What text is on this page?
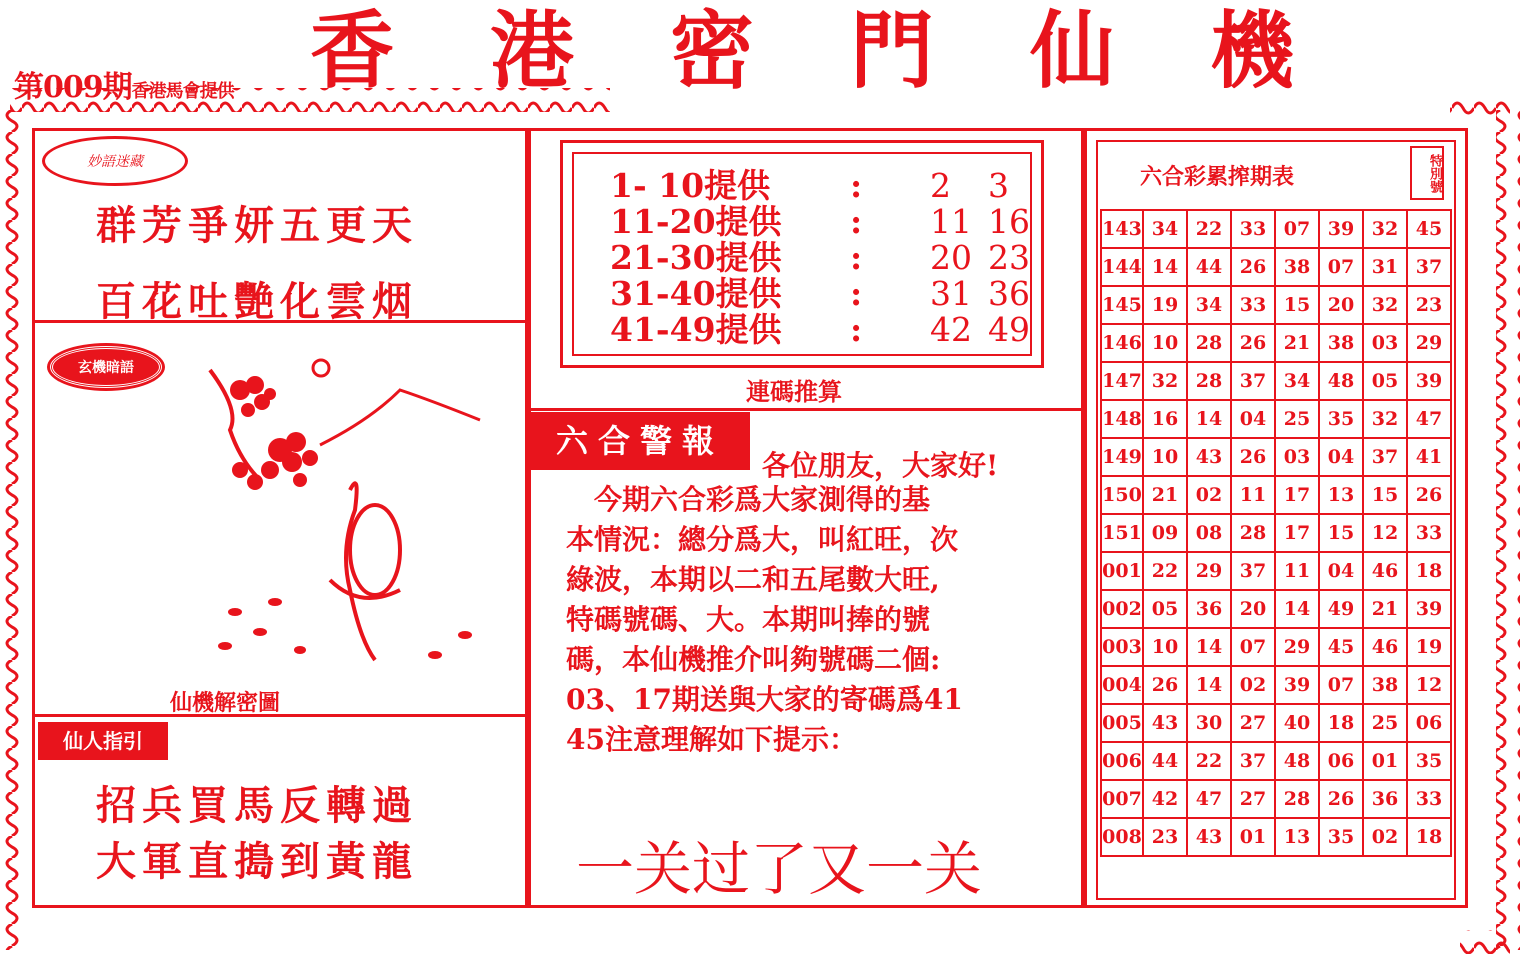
第009期香港馬會提供 香 港 密 門 仙 機
妙語迷藏
群芳爭妍五更天
百花吐艷化雲烟
玄機暗語
仙機解密圖
仙人指引
招兵買馬反轉過
大軍直搗到黃龍
1- 10提供	:	2	3
11-20提供	:	11 16
21-30提供	:	20 23
31-40提供	:	31 36
41-49提供	:	42 49
連碼推算
六合警報
各位朋友，大家好!
　今期六合彩爲大家測得的基
本情況：總分爲大，叫紅旺，次
綠波，本期以二和五尾數大旺,
特碼號碼、大。本期叫捧的號
碼，本仙機推介叫夠號碼二個:
03、17期送與大家的寄碼爲41
45注意理解如下提示：
一关过了又一关
六合彩累搾期表	特別號
143	34	22	33	07	39	32	45
144	14	44	26	38	07	31	37
145	19	34	33	15	20	32	23
146	10	28	26	21	38	03	29
147	32	28	37	34	48	05	39
148	16	14	04	25	35	32	47
149	10	43	26	03	04	37	41
150	21	02	11	17	13	15	26
151	09	08	28	17	15	12	33
001	22	29	37	11	04	46	18
002	05	36	20	14	49	21	39
003	10	14	07	29	45	46	19
004	26	14	02	39	07	38	12
005	43	30	27	40	18	25	06
006	44	22	37	48	06	01	35
007	42	47	27	28	26	36	33
008	23	43	01	13	35	02	18
